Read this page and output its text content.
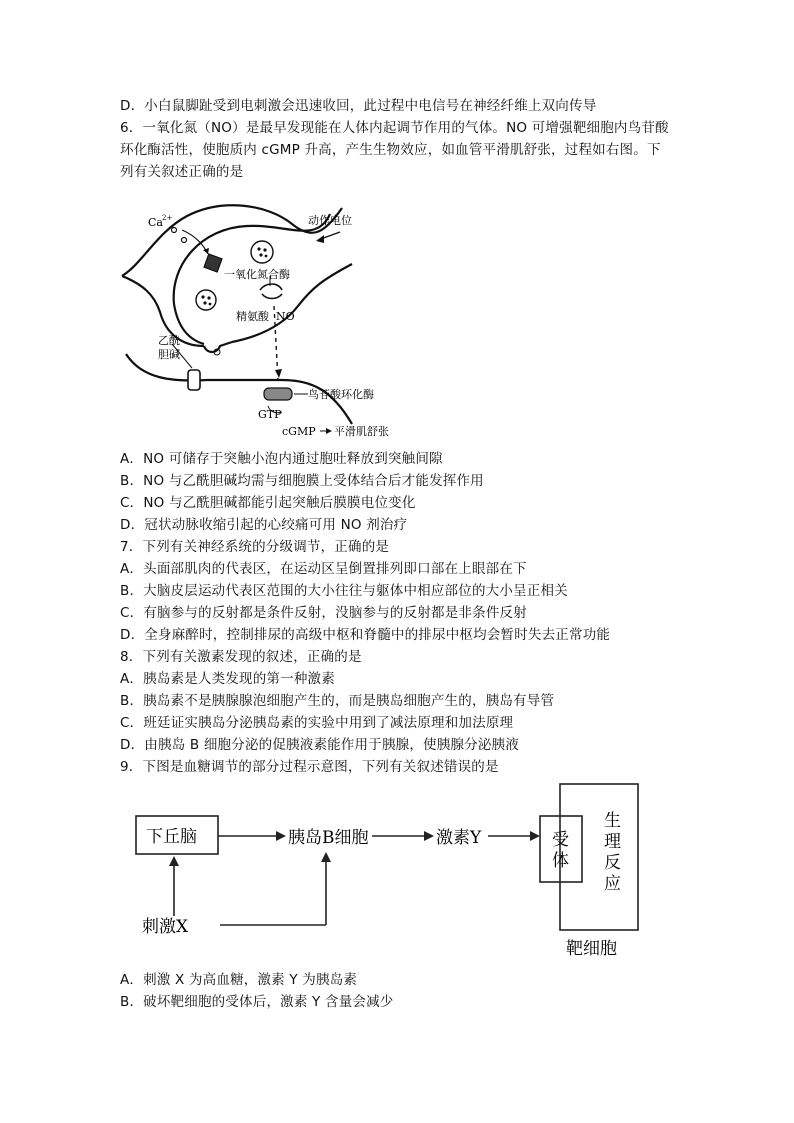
D．小白鼠脚趾受到电刺激会迅速收回，此过程中电信号在神经纤维上双向传导
6．一氧化氮（NO）是最早发现能在人体内起调节作用的气体。NO 可增强靶细胞内鸟苷酸
环化酶活性，使胞质内 cGMP 升高，产生生物效应，如血管平滑肌舒张，过程如右图。下
列有关叙述正确的是
Ca 2+	动作电位
一氧化氮合酶
精氨酸 NO
乙酰
胆碱
鸟苷酸环化酶
GTP
cGMP 平滑肌舒张
A．NO 可储存于突触小泡内通过胞吐释放到突触间隙
B．NO 与乙酰胆碱均需与细胞膜上受体结合后才能发挥作用
C．NO 与乙酰胆碱都能引起突触后膜膜电位变化
D．冠状动脉收缩引起的心绞痛可用 NO 剂治疗
7．下列有关神经系统的分级调节，正确的是
A．头面部肌肉的代表区，在运动区呈倒置排列即口部在上眼部在下
B．大脑皮层运动代表区范围的大小往往与躯体中相应部位的大小呈正相关
C．有脑参与的反射都是条件反射，没脑参与的反射都是非条件反射
D．全身麻醉时，控制排尿的高级中枢和脊髓中的排尿中枢均会暂时失去正常功能
8．下列有关激素发现的叙述，正确的是
A．胰岛素是人类发现的第一种激素
B．胰岛素不是胰腺腺泡细胞产生的，而是胰岛细胞产生的，胰岛有导管
C．班廷证实胰岛分泌胰岛素的实验中用到了减法原理和加法原理
D．由胰岛 B 细胞分泌的促胰液素能作用于胰腺，使胰腺分泌胰液
9．下图是血糖调节的部分过程示意图，下列有关叙述错误的是
下丘脑	胰岛B细胞	激素Y	受
体
生
理
反
应
刺激X
靶细胞
A．刺激 X 为高血糖，激素 Y 为胰岛素
B．破坏靶细胞的受体后，激素 Y 含量会减少
